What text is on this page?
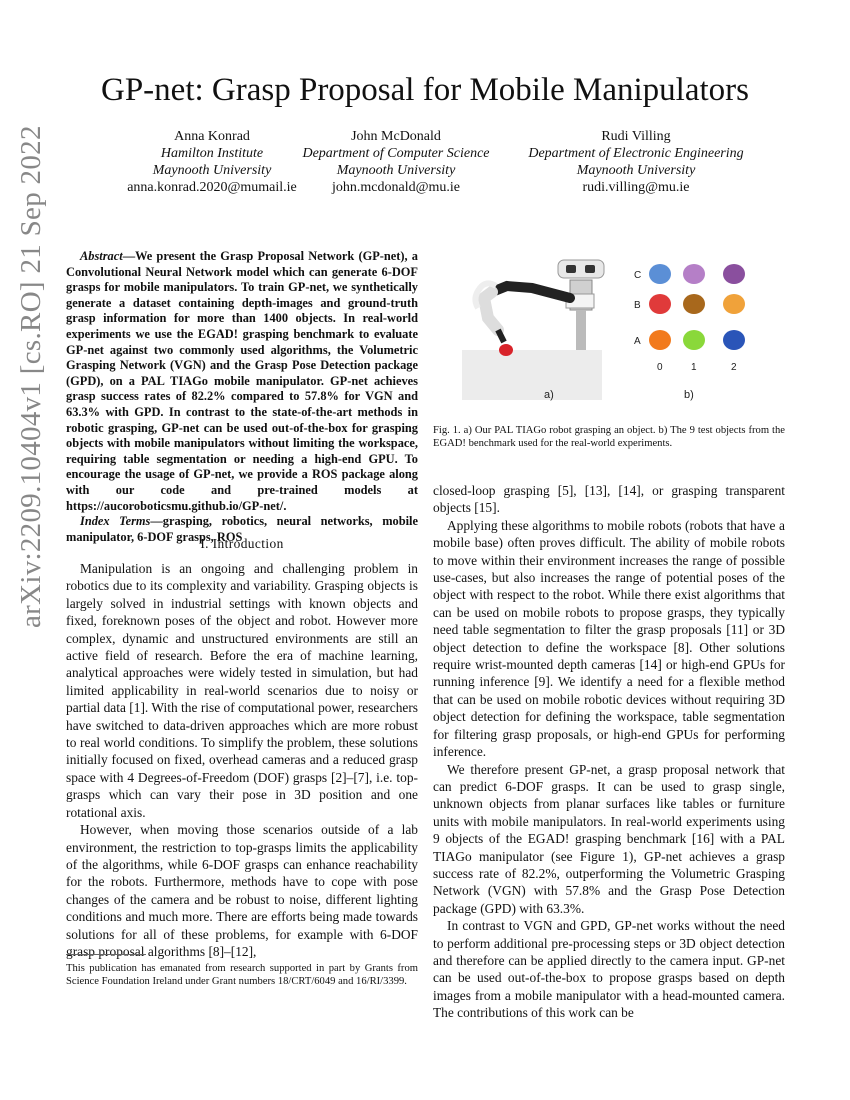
GP-net: Grasp Proposal for Mobile Manipulators
Anna Konrad
Hamilton Institute
Maynooth University
anna.konrad.2020@mumail.ie
John McDonald
Department of Computer Science
Maynooth University
john.mcdonald@mu.ie
Rudi Villing
Department of Electronic Engineering
Maynooth University
rudi.villing@mu.ie
arXiv:2209.10404v1 [cs.RO] 21 Sep 2022	Abstract—We present the Grasp Proposal Network (GP-net), a Convolutional Neural Network model which can generate 6-DOF grasps for mobile manipulators. To train GP-net, we synthetically generate a dataset containing depth-images and ground-truth grasp information for more than 1400 objects. In real-world experiments we use the EGAD! grasping benchmark to evaluate GP-net against two commonly used algorithms, the Volumetric Grasping Network (VGN) and the Grasp Pose Detection package (GPD), on a PAL TIAGo mobile manipulator. GP-net achieves grasp success rates of 82.2% compared to 57.8% for VGN and 63.3% with GPD. In contrast to the state-of-the-art methods in robotic grasping, GP-net can be used out-of-the-box for grasping objects with mobile manipulators without limiting the workspace, requiring table segmentation or needing a high-end GPU. To encourage the usage of GP-net, we provide a ROS package along with our code and pre-trained models at https://aucoroboticsmu.github.io/GP-net/.

Index Terms—grasping, robotics, neural networks, mobile manipulator, 6-DOF grasps, ROS

I. Introduction

Manipulation is an ongoing and challenging problem in robotics due to its complexity and variability. Grasping objects is largely solved in industrial settings with known objects and fixed, foreknown poses of the object and robot. However more complex, dynamic and unstructured environments are still an active field of research. Before the era of machine learning, analytical approaches were widely tested in simulation, but had limited applicability in real-world scenarios due to noisy or partial data [1]. With the rise of computational power, researchers have switched to data-driven approaches which are more robust to real world conditions. To simplify the problem, these solutions initially focused on fixed, overhead cameras and a reduced grasp space with 4 Degrees-of-Freedom (DOF) grasps [2]–[7], i.e. top-grasps which can vary their pose in 3D position and one rotational axis.

However, when moving those scenarios outside of a lab environment, the restriction to top-grasps limits the applicability of the algorithms, while 6-DOF grasps can enhance reachability for the robots. Furthermore, methods have to cope with pose changes of the camera and be robust to noise, different lighting conditions and much more. There are efforts being made towards solutions for all of these problems, for example with 6-DOF grasp proposal algorithms [8]–[12],

This publication has emanated from research supported in part by Grants from Science Foundation Ireland under Grant numbers 18/CRT/6049 and 16/RI/3399.
a)	b)
C
B
A
0	1	2
Fig. 1. a) Our PAL TIAGo robot grasping an object. b) The 9 test objects from the EGAD! benchmark used for the real-world experiments.

closed-loop grasping [5], [13], [14], or grasping transparent objects [15].

Applying these algorithms to mobile robots (robots that have a mobile base) often proves difficult. The ability of mobile robots to move within their environment increases the range of possible use-cases, but also increases the range of potential poses of the object with respect to the robot. While there exist algorithms that can be used on mobile robots to propose grasps, they typically need table segmentation to filter the grasp proposals [11] or 3D object detection to define the workspace [8]. Other solutions require wrist-mounted depth cameras [14] or high-end GPUs for running inference [9]. We identify a need for a flexible method that can be used on mobile robotic devices without requiring 3D object detection for defining the workspace, table segmentation for filtering grasp proposals, or high-end GPUs for performing inference.

We therefore present GP-net, a grasp proposal network that can predict 6-DOF grasps. It can be used to grasp single, unknown objects from planar surfaces like tables or furniture units with mobile manipulators. In real-world experiments using 9 objects of the EGAD! grasping benchmark [16] with a PAL TIAGo manipulator (see Figure 1), GP-net achieves a grasp success rate of 82.2%, outperforming the Volumetric Grasping Network (VGN) with 57.8% and the Grasp Pose Detection package (GPD) with 63.3%.

In contrast to VGN and GPD, GP-net works without the need to perform additional pre-processing steps or 3D object detection and therefore can be applied directly to the camera input. GP-net can be used out-of-the-box to propose grasps based on depth images from a mobile manipulator with a head-mounted camera. The contributions of this work can be
